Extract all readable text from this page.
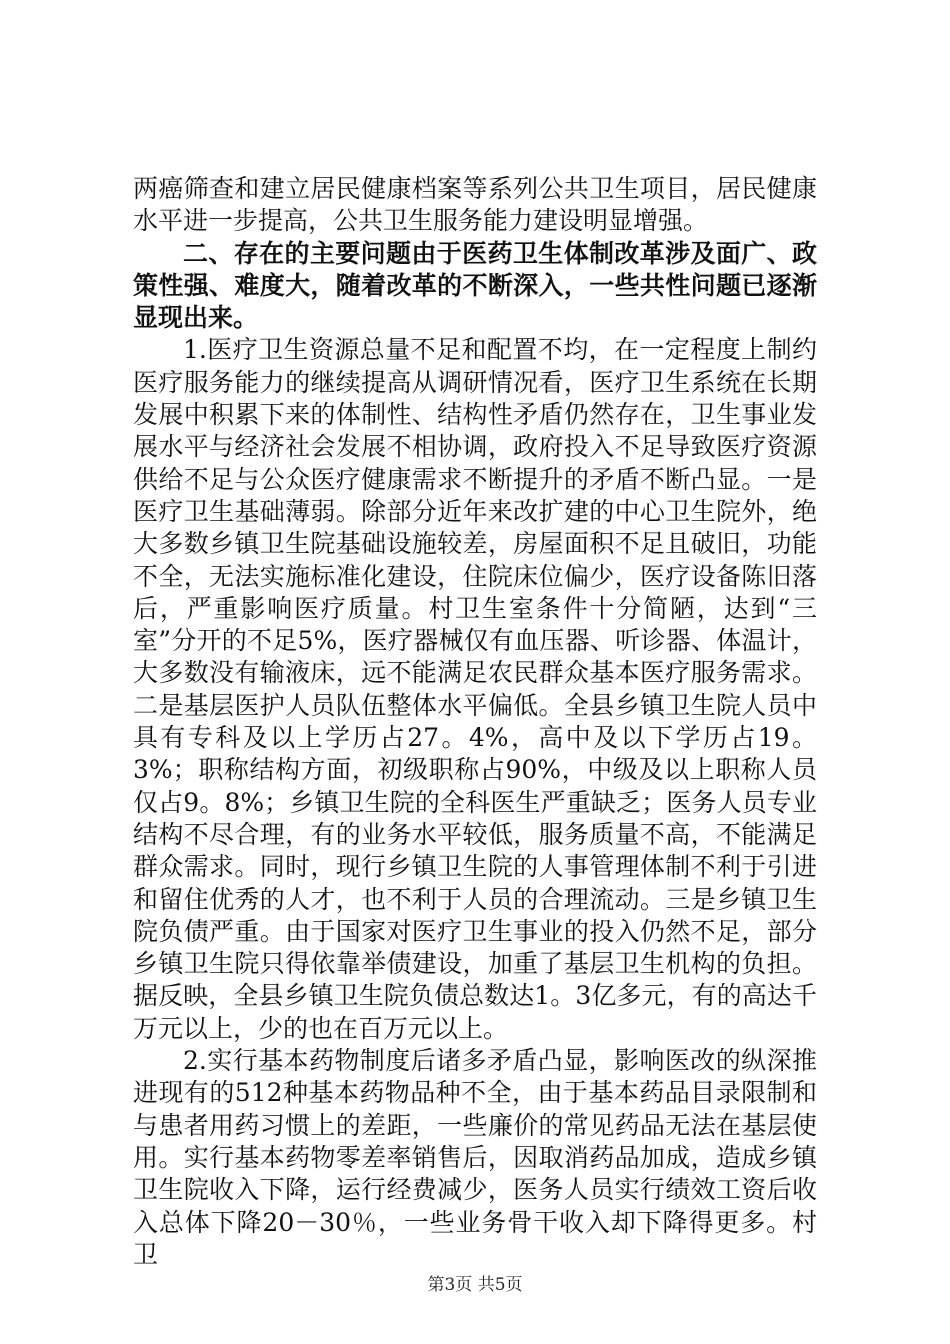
两癌筛查和建立居民健康档案等系列公共卫生项目，居民健康水平进一步提高，公共卫生服务能力建设明显增强。

二、存在的主要问题由于医药卫生体制改革涉及面广、政策性强、难度大，随着改革的不断深入，一些共性问题已逐渐显现出来。

1.医疗卫生资源总量不足和配置不均，在一定程度上制约医疗服务能力的继续提高从调研情况看，医疗卫生系统在长期发展中积累下来的体制性、结构性矛盾仍然存在，卫生事业发展水平与经济社会发展不相协调，政府投入不足导致医疗资源供给不足与公众医疗健康需求不断提升的矛盾不断凸显。一是医疗卫生基础薄弱。除部分近年来改扩建的中心卫生院外，绝大多数乡镇卫生院基础设施较差，房屋面积不足且破旧，功能不全，无法实施标准化建设，住院床位偏少，医疗设备陈旧落后，严重影响医疗质量。村卫生室条件十分简陋，达到“三室”分开的不足5%，医疗器械仅有血压器、听诊器、体温计，大多数没有输液床，远不能满足农民群众基本医疗服务需求。二是基层医护人员队伍整体水平偏低。全县乡镇卫生院人员中具有专科及以上学历占27。4%，高中及以下学历占19。3%；职称结构方面，初级职称占90%，中级及以上职称人员仅占9。8%；乡镇卫生院的全科医生严重缺乏；医务人员专业结构不尽合理，有的业务水平较低，服务质量不高，不能满足群众需求。同时，现行乡镇卫生院的人事管理体制不利于引进和留住优秀的人才，也不利于人员的合理流动。三是乡镇卫生院负债严重。由于国家对医疗卫生事业的投入仍然不足，部分乡镇卫生院只得依靠举债建设，加重了基层卫生机构的负担。据反映，全县乡镇卫生院负债总数达1。3亿多元，有的高达千万元以上，少的也在百万元以上。

2.实行基本药物制度后诸多矛盾凸显，影响医改的纵深推进现有的512种基本药物品种不全，由于基本药品目录限制和与患者用药习惯上的差距，一些廉价的常见药品无法在基层使用。实行基本药物零差率销售后，因取消药品加成，造成乡镇卫生院收入下降，运行经费减少，医务人员实行绩效工资后收入总体下降20－30％，一些业务骨干收入却下降得更多。村卫

第3页 共5页
